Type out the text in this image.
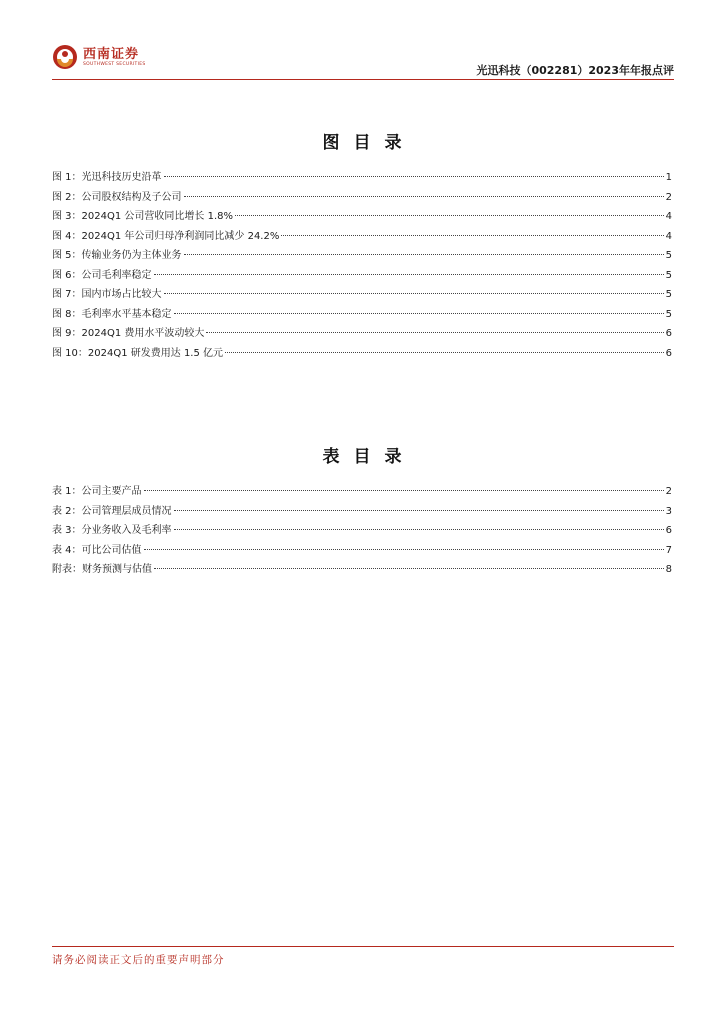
西南证券
SOUTHWEST SECURITIES	光迅科技（002281）2023年年报点评
图目录
图 1：光迅科技历史沿革	1
图 2：公司股权结构及子公司	2
图 3：2024Q1 公司营收同比增长 1.8%	4
图 4：2024Q1 年公司归母净利润同比减少 24.2%	4
图 5：传输业务仍为主体业务	5
图 6：公司毛利率稳定	5
图 7：国内市场占比较大	5
图 8：毛利率水平基本稳定	5
图 9：2024Q1 费用水平波动较大	6
图 10：2024Q1 研发费用达 1.5 亿元	6
表目录
表 1：公司主要产品	2
表 2：公司管理层成员情况	3
表 3：分业务收入及毛利率	6
表 4：可比公司估值	7
附表：财务预测与估值	8
请务必阅读正文后的重要声明部分
